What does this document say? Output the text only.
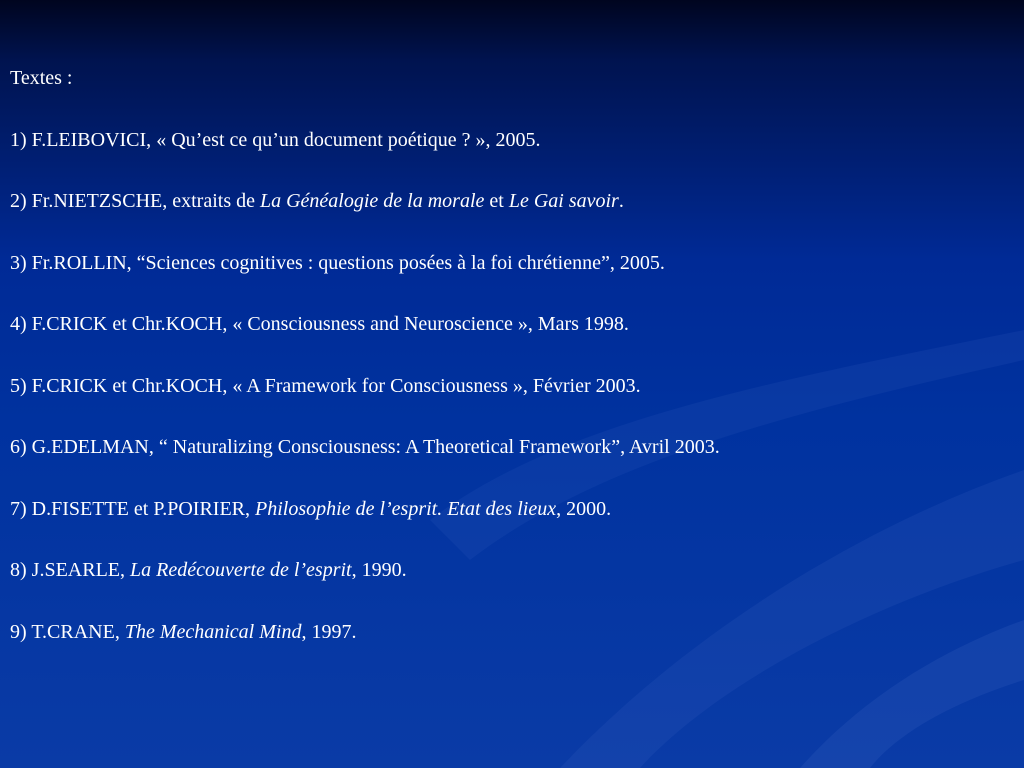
Textes :
1) F.LEIBOVICI, « Qu’est ce qu’un document poétique ? », 2005.
2) Fr.NIETZSCHE, extraits de La Généalogie de la morale et Le Gai savoir.
3) Fr.ROLLIN, “Sciences cognitives : questions posées à la foi chrétienne”, 2005.
4) F.CRICK et Chr.KOCH, « Consciousness and Neuroscience », Mars 1998.
5) F.CRICK et Chr.KOCH, « A Framework for Consciousness », Février 2003.
6) G.EDELMAN, “ Naturalizing Consciousness: A Theoretical Framework”, Avril 2003.
7) D.FISETTE et P.POIRIER, Philosophie de l’esprit. Etat des lieux, 2000.
8) J.SEARLE, La Redécouverte de l’esprit, 1990.
9) T.CRANE, The Mechanical Mind, 1997.
